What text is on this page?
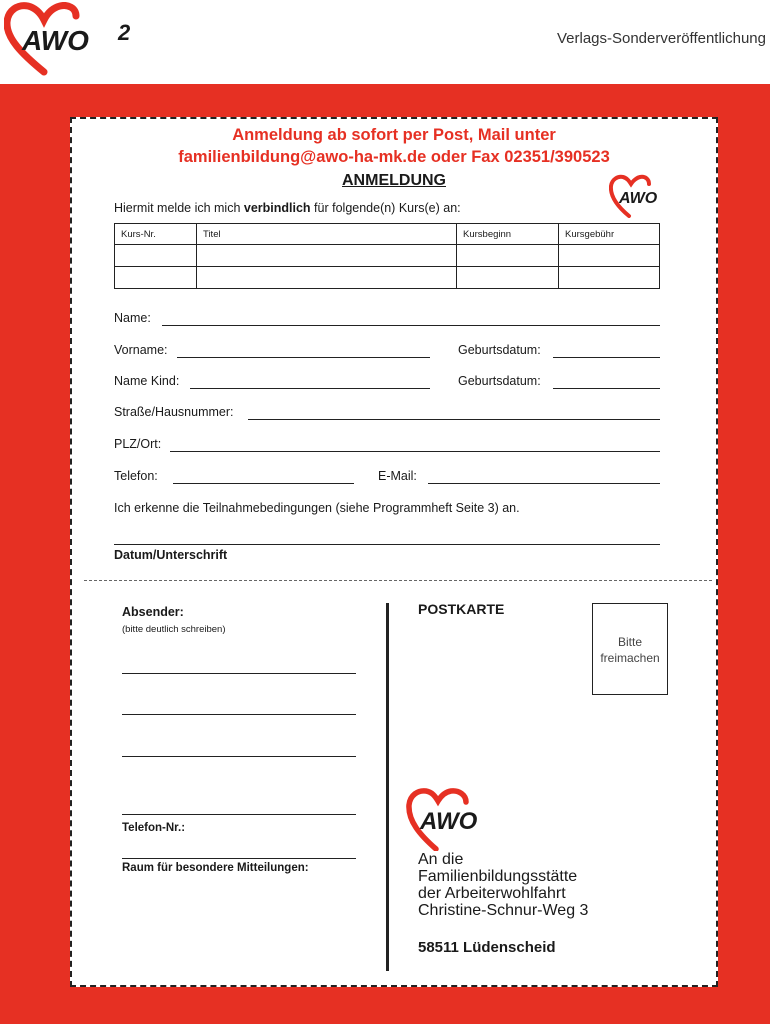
AWO 2	Verlags-Sonderveröffentlichung
Anmeldung ab sofort per Post, Mail unter
familienbildung@awo-ha-mk.de oder Fax 02351/390523
ANMELDUNG
AWO
Hiermit melde ich mich verbindlich für folgende(n) Kurs(e) an:
Kurs-Nr.	Titel	Kursbeginn	Kursgebühr

Name:
Vorname:	Geburtsdatum:
Name Kind:	Geburtsdatum:
Straße/Hausnummer:
PLZ/Ort:
Telefon:	E-Mail:
Ich erkenne die Teilnahmebedingungen (siehe Programmheft Seite 3) an.
Datum/Unterschrift
Absender:
(bitte deutlich schreiben)
Telefon-Nr.:
Raum für besondere Mitteilungen:
POSTKARTE
Bitte
freimachen
AWO
An die
Familienbildungsstätte
der Arbeiterwohlfahrt
Christine-Schnur-Weg 3
58511 Lüdenscheid
